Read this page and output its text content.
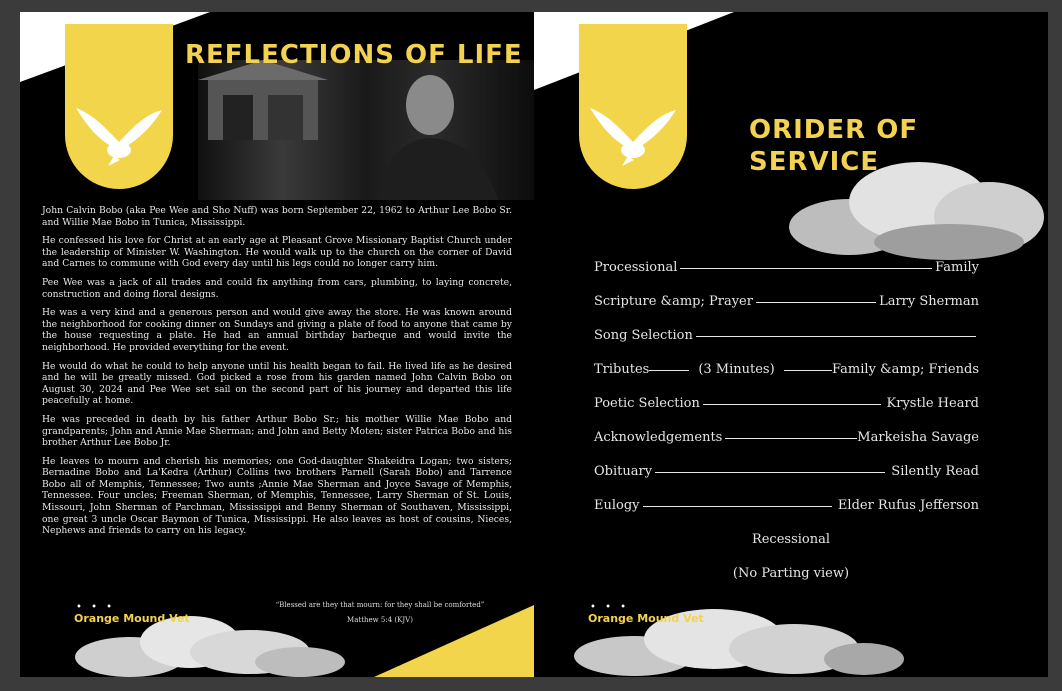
REFLECTIONS OF LIFE

John Calvin Bobo (aka Pee Wee and Sho Nuff) was born September 22, 1962 to Arthur Lee Bobo Sr. and Willie Mae Bobo in Tunica, Mississippi.

He confessed his love for Christ at an early age at Pleasant Grove Missionary Baptist Church under the leadership of Minister W. Washington. He would walk up to the church on the corner of David and Carnes to commune with God every day until his legs could no longer carry him.

Pee Wee was a jack of all trades and could fix anything from cars, plumbing, to laying concrete, construction and doing floral designs.

He was a very kind and a generous person and would give away the store. He was known around the neighborhood for cooking dinner on Sundays and giving a plate of food to anyone that came by the house requesting a plate. He had an annual birthday barbeque and would invite the neighborhood. He provided everything for the event.

He would do what he could to help anyone until his health began to fail. He lived life as he desired and he will be greatly missed. God picked a rose from his garden named John Calvin Bobo on August 30, 2024 and Pee Wee set sail on the second part of his journey and departed this life peacefully at home.

He was preceded in death by his father Arthur Bobo Sr.; his mother Willie Mae Bobo and grandparents; John and Annie Mae Sherman; and John and Betty Moten; sister Patrica Bobo and his brother Arthur Lee Bobo Jr.

He leaves to mourn and cherish his memories; one God-daughter Shakeidra Logan; two sisters; Bernadine Bobo and La'Kedra (Arthur) Collins two brothers Parnell (Sarah Bobo) and Tarrence Bobo all of Memphis, Tennessee; Two aunts ;Annie Mae Sherman and Joyce Savage of Memphis, Tennessee. Four uncles; Freeman Sherman, of Memphis, Tennessee, Larry Sherman of St. Louis, Missouri, John Sherman of Parchman, Mississippi and Benny Sherman of Southaven, Mississippi, one great 3 uncle Oscar Baymon of Tunica, Mississippi. He also leaves as host of cousins, Nieces, Nephews and friends to carry on his legacy.

• • •
Orange Mound Vet
“Blessed are they that mourn: for they shall be comforted”
Matthew 5:4 (KJV)
ORIDER OF
SERVICE
Processional	Family
Scripture &amp; Prayer	Larry Sherman
Song Selection
Tributes	(3 Minutes)	Family &amp; Friends
Poetic Selection	Krystle Heard
Acknowledgements	Markeisha Savage
Obituary	Silently Read
Eulogy	Elder Rufus Jefferson
Recessional
(No Parting view)
• • •
Orange Mound Vet
